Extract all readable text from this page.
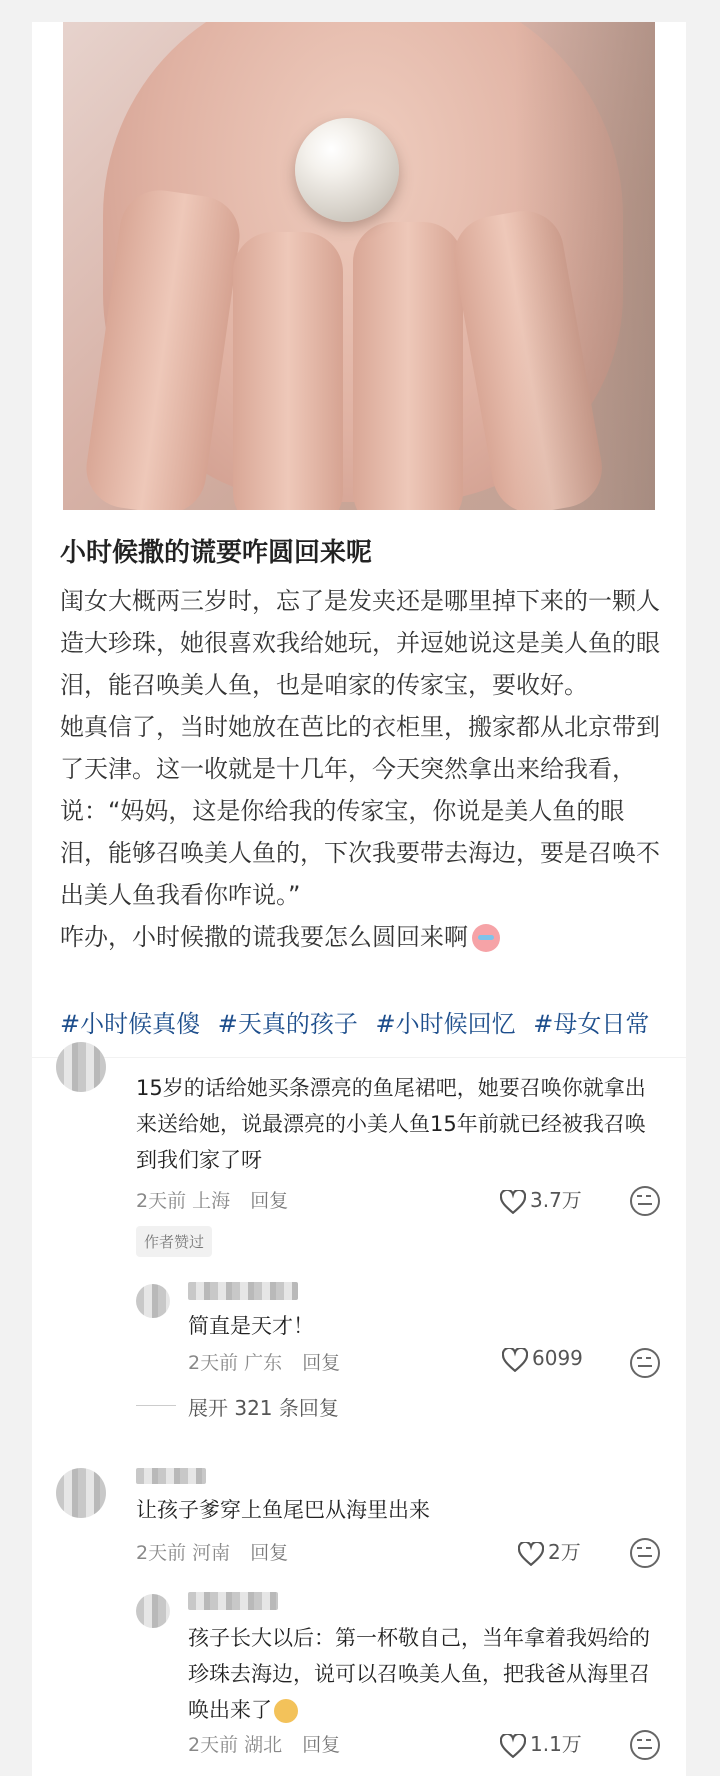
小时候撒的谎要咋圆回来呢

闺女大概两三岁时，忘了是发夹还是哪里掉下来的一颗人造大珍珠，她很喜欢我给她玩，并逗她说这是美人鱼的眼泪，能召唤美人鱼，也是咱家的传家宝，要收好。

她真信了，当时她放在芭比的衣柜里，搬家都从北京带到了天津。这一收就是十几年，今天突然拿出来给我看，说：“妈妈，这是你给我的传家宝，你说是美人鱼的眼泪，能够召唤美人鱼的，下次我要带去海边，要是召唤不出美人鱼我看你咋说。”

咋办，小时候撒的谎我要怎么圆回来啊

#小时候真傻 #天真的孩子 #小时候回忆 #母女日常
15岁的话给她买条漂亮的鱼尾裙吧，她要召唤你就拿出来送给她，说最漂亮的小美人鱼15年前就已经被我召唤到我们家了呀
2天前 上海 回复	3.7万
作者赞过
简直是天才！
2天前 广东 回复	6099
展开 321 条回复
让孩子爹穿上鱼尾巴从海里出来
2天前 河南 回复	2万
孩子长大以后：第一杯敬自己，当年拿着我妈给的珍珠去海边，说可以召唤美人鱼，把我爸从海里召唤出来了
2天前 湖北 回复	1.1万
